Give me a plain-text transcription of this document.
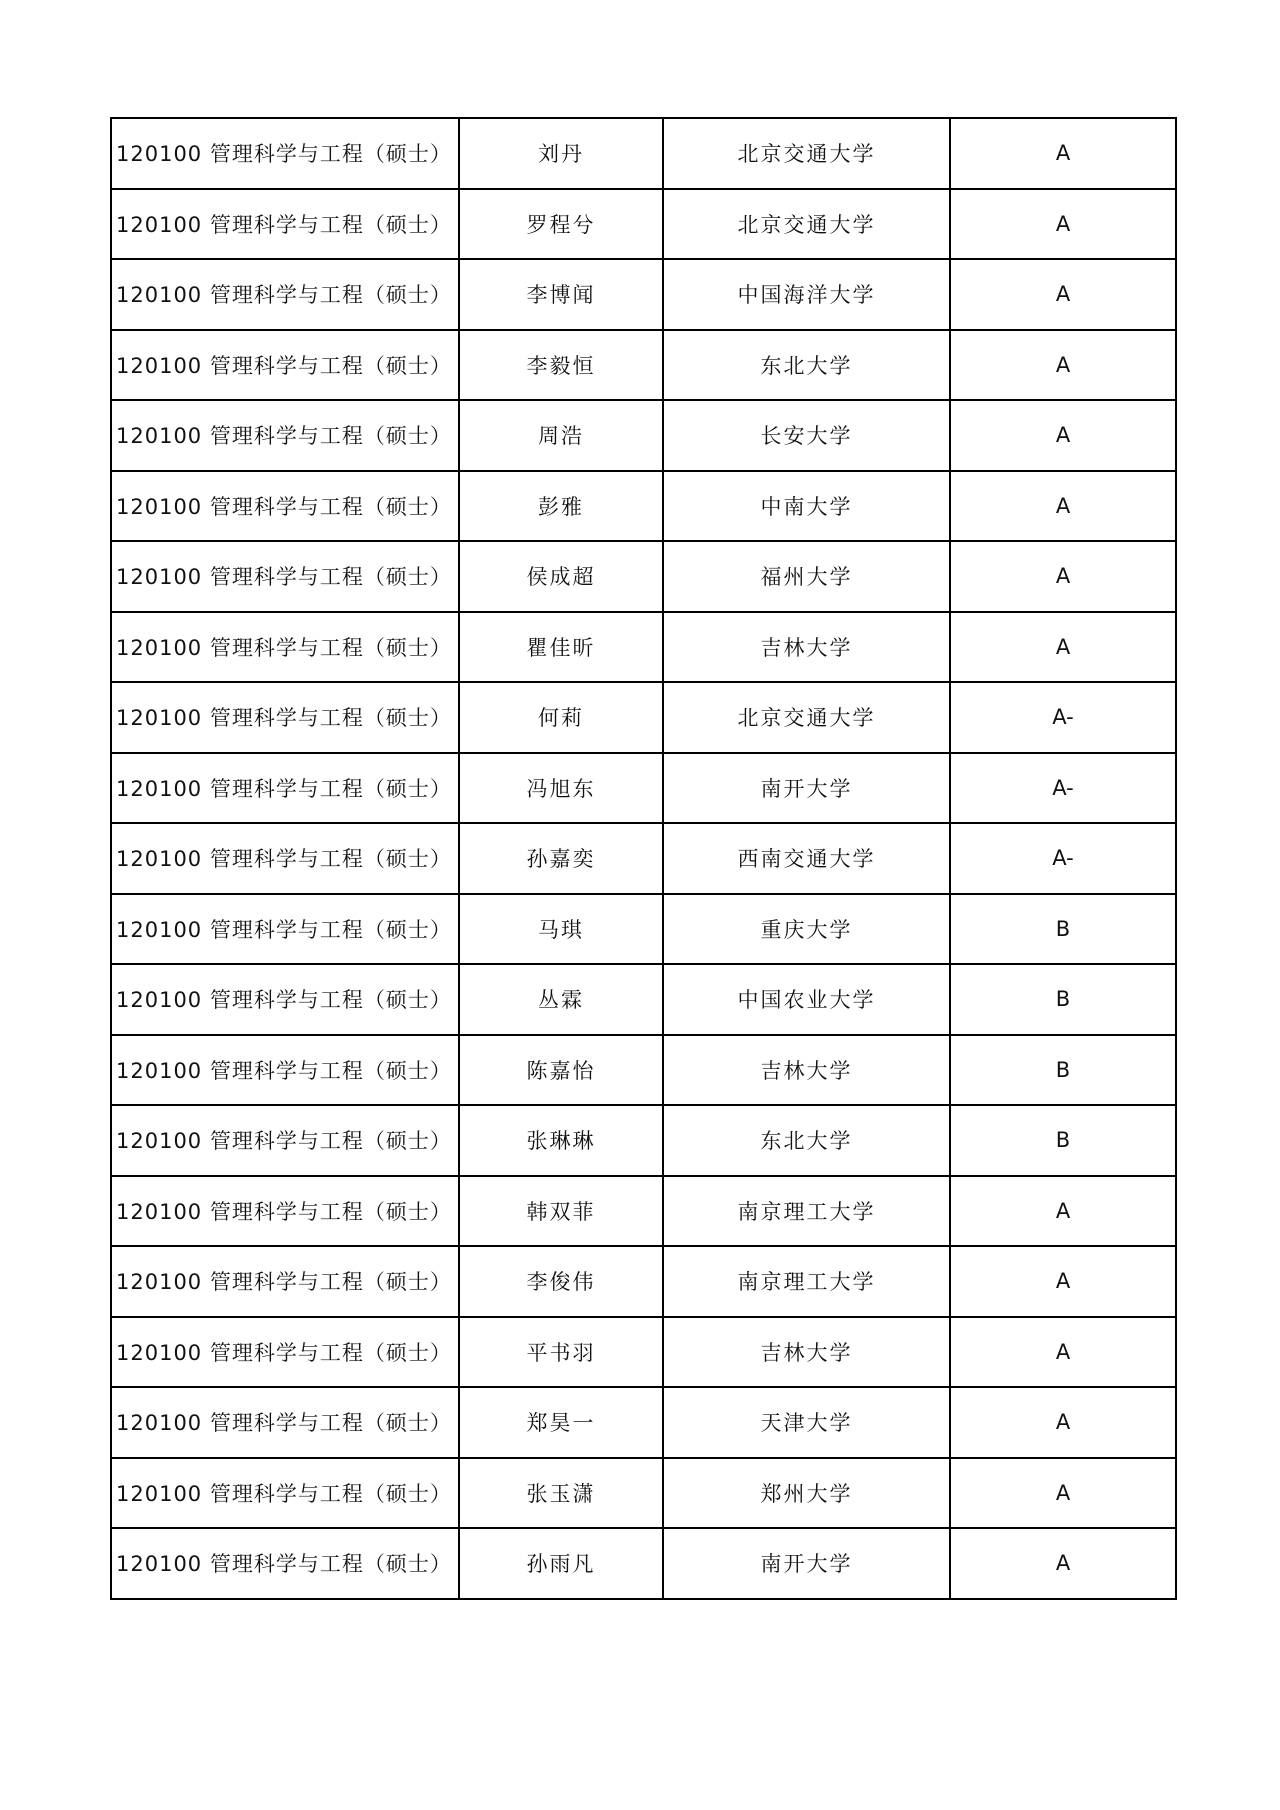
120100 管理科学与工程（硕士）	刘丹	北京交通大学	A
120100 管理科学与工程（硕士）	罗程兮	北京交通大学	A
120100 管理科学与工程（硕士）	李博闻	中国海洋大学	A
120100 管理科学与工程（硕士）	李毅恒	东北大学	A
120100 管理科学与工程（硕士）	周浩	长安大学	A
120100 管理科学与工程（硕士）	彭雅	中南大学	A
120100 管理科学与工程（硕士）	侯成超	福州大学	A
120100 管理科学与工程（硕士）	瞿佳昕	吉林大学	A
120100 管理科学与工程（硕士）	何莉	北京交通大学	A-
120100 管理科学与工程（硕士）	冯旭东	南开大学	A-
120100 管理科学与工程（硕士）	孙嘉奕	西南交通大学	A-
120100 管理科学与工程（硕士）	马琪	重庆大学	B
120100 管理科学与工程（硕士）	丛霖	中国农业大学	B
120100 管理科学与工程（硕士）	陈嘉怡	吉林大学	B
120100 管理科学与工程（硕士）	张琳琳	东北大学	B
120100 管理科学与工程（硕士）	韩双菲	南京理工大学	A
120100 管理科学与工程（硕士）	李俊伟	南京理工大学	A
120100 管理科学与工程（硕士）	平书羽	吉林大学	A
120100 管理科学与工程（硕士）	郑昊一	天津大学	A
120100 管理科学与工程（硕士）	张玉潇	郑州大学	A
120100 管理科学与工程（硕士）	孙雨凡	南开大学	A
